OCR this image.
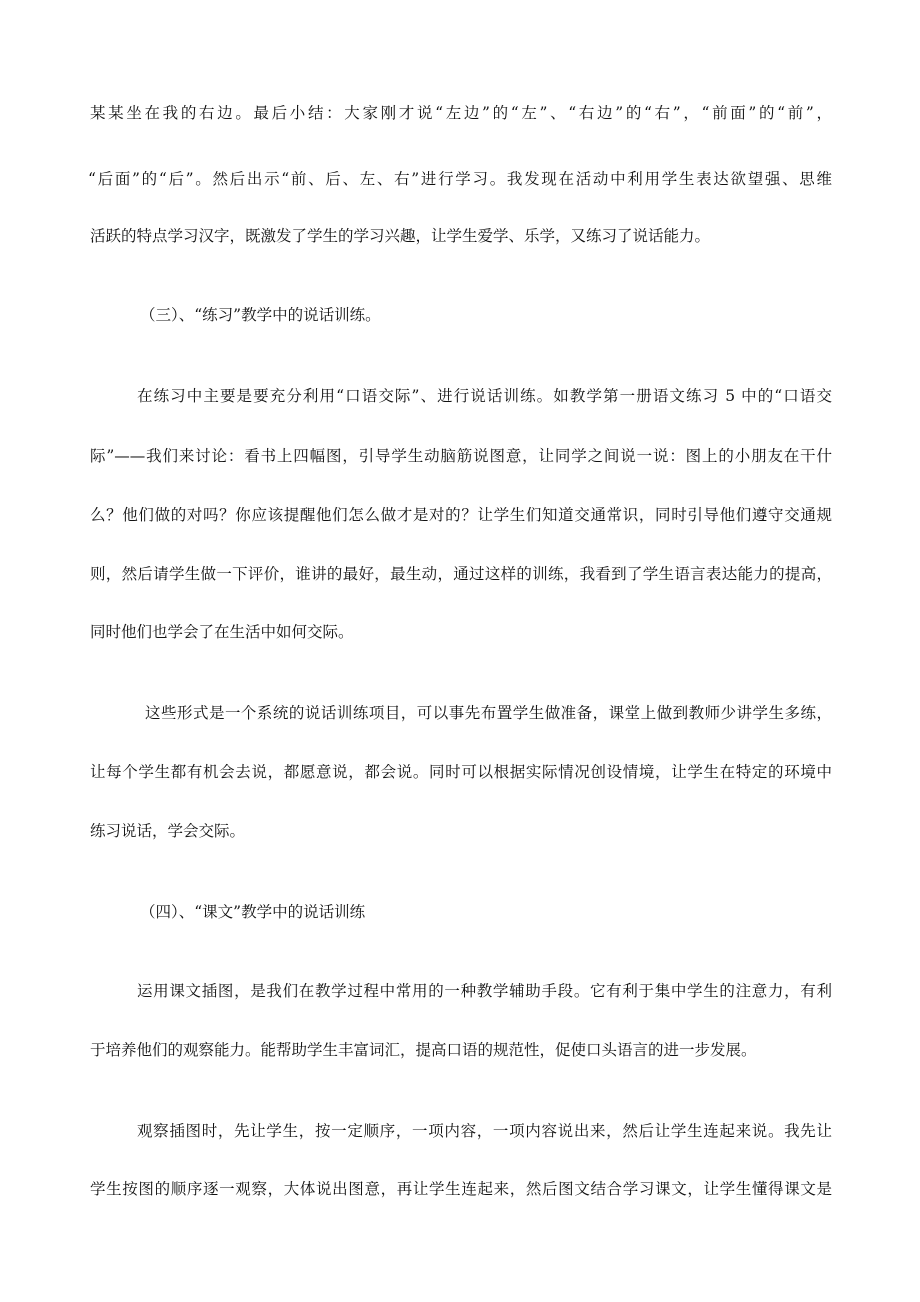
某某坐在我的右边。最后小结：大家刚才说“左边”的“左”、“右边”的“右”，“前面”的“前”，
“后面”的“后”。然后出示“前、后、左、右”进行学习。我发现在活动中利用学生表达欲望强、思维
活跃的特点学习汉字，既激发了学生的学习兴趣，让学生爱学、乐学，又练习了说话能力。
（三）、“练习”教学中的说话训练。
在练习中主要是要充分利用“口语交际”、进行说话训练。如教学第一册语文练习 5 中的“口语交
际”——我们来讨论：看书上四幅图，引导学生动脑筋说图意，让同学之间说一说：图上的小朋友在干什
么？他们做的对吗？你应该提醒他们怎么做才是对的？让学生们知道交通常识，同时引导他们遵守交通规
则，然后请学生做一下评价，谁讲的最好，最生动，通过这样的训练，我看到了学生语言表达能力的提高，
同时他们也学会了在生活中如何交际。
这些形式是一个系统的说话训练项目，可以事先布置学生做准备，课堂上做到教师少讲学生多练，
让每个学生都有机会去说，都愿意说，都会说。同时可以根据实际情况创设情境，让学生在特定的环境中
练习说话，学会交际。
（四）、“课文”教学中的说话训练
运用课文插图，是我们在教学过程中常用的一种教学辅助手段。它有利于集中学生的注意力，有利
于培养他们的观察能力。能帮助学生丰富词汇，提高口语的规范性，促使口头语言的进一步发展。
观察插图时，先让学生，按一定顺序，一项内容，一项内容说出来，然后让学生连起来说。我先让
学生按图的顺序逐一观察，大体说出图意，再让学生连起来，然后图文结合学习课文，让学生懂得课文是
